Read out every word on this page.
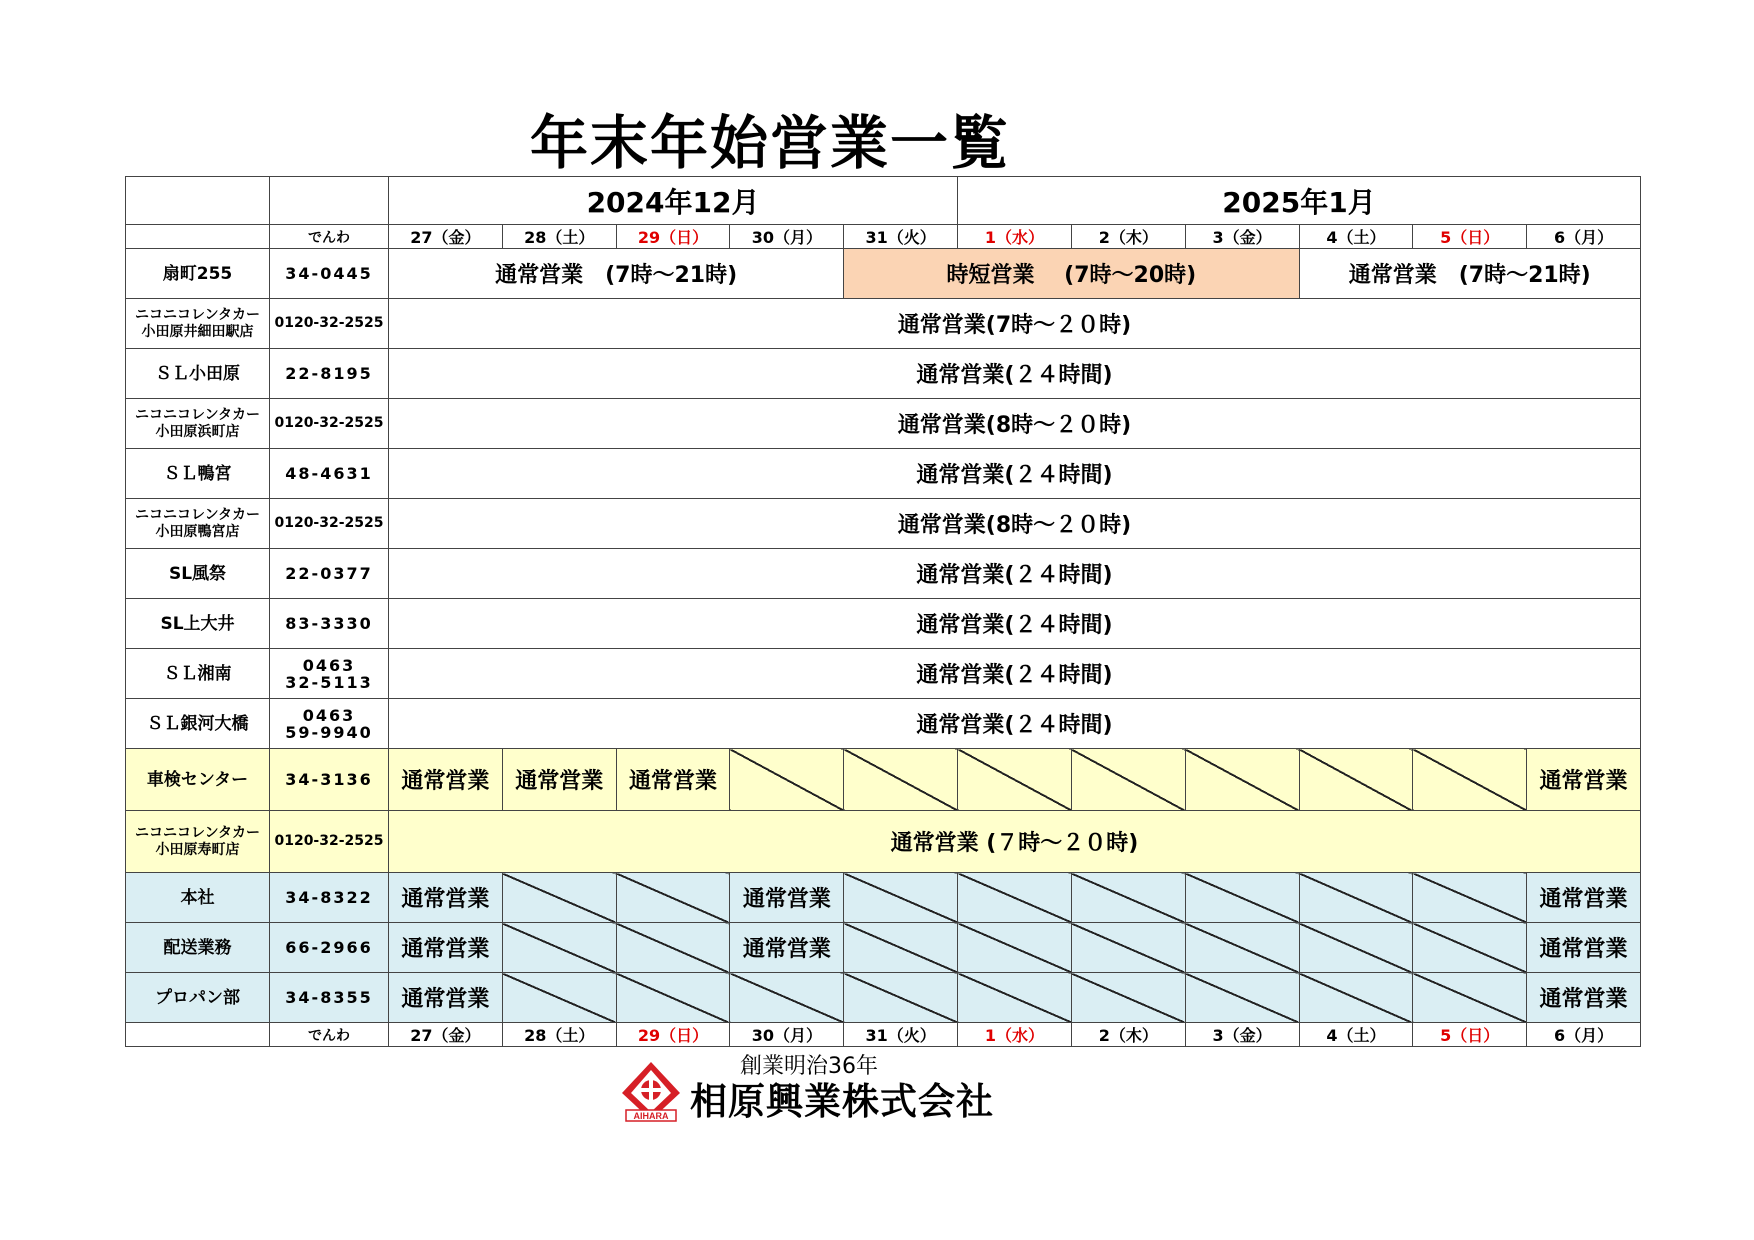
年末年始営業一覧
		2024年12月					2025年1月					
	でんわ	27（金）	28（土）	29（日）	30（月）	31（火）	1（水）	2（木）	3（金）	4（土）	5（日）	6（月）

扇町255	34-0445	通常営業　(7時～21時)				時短営業　 (7時～20時)				通常営業　(7時～21時)		

ニコニコレンタカー
小田原井細田駅店	0120-32-2525	通常営業(7時～２０時)										

ＳＬ小田原	22-8195	通常営業(２４時間)										

ニコニコレンタカー
小田原浜町店	0120-32-2525	通常営業(8時～２０時)										

ＳＬ鴨宮	48-4631	通常営業(２４時間)										

ニコニコレンタカー
小田原鴨宮店	0120-32-2525	通常営業(8時～２０時)										

SL風祭	22-0377	通常営業(２４時間)										

SL上大井	83-3330	通常営業(２４時間)										

ＳＬ湘南	0463
32-5113	通常営業(２４時間)										

ＳＬ銀河大橋	0463
59-9940	通常営業(２４時間)										

車検センター	34-3136	通常営業	通常営業	通常営業								通常営業

ニコニコレンタカー
小田原寿町店	0120-32-2525	通常営業 (７時～２０時)										

本社	34-8322	通常営業			通常営業							通常営業

配送業務	66-2966	通常営業			通常営業							通常営業

プロパン部	34-8355	通常営業										通常営業
	でんわ	27（金）	28（土）	29（日）	30（月）	31（火）	1（水）	2（木）	3（金）	4（土）	5（日）	6（月）
AIHARA
創業明治36年
相原興業株式会社
